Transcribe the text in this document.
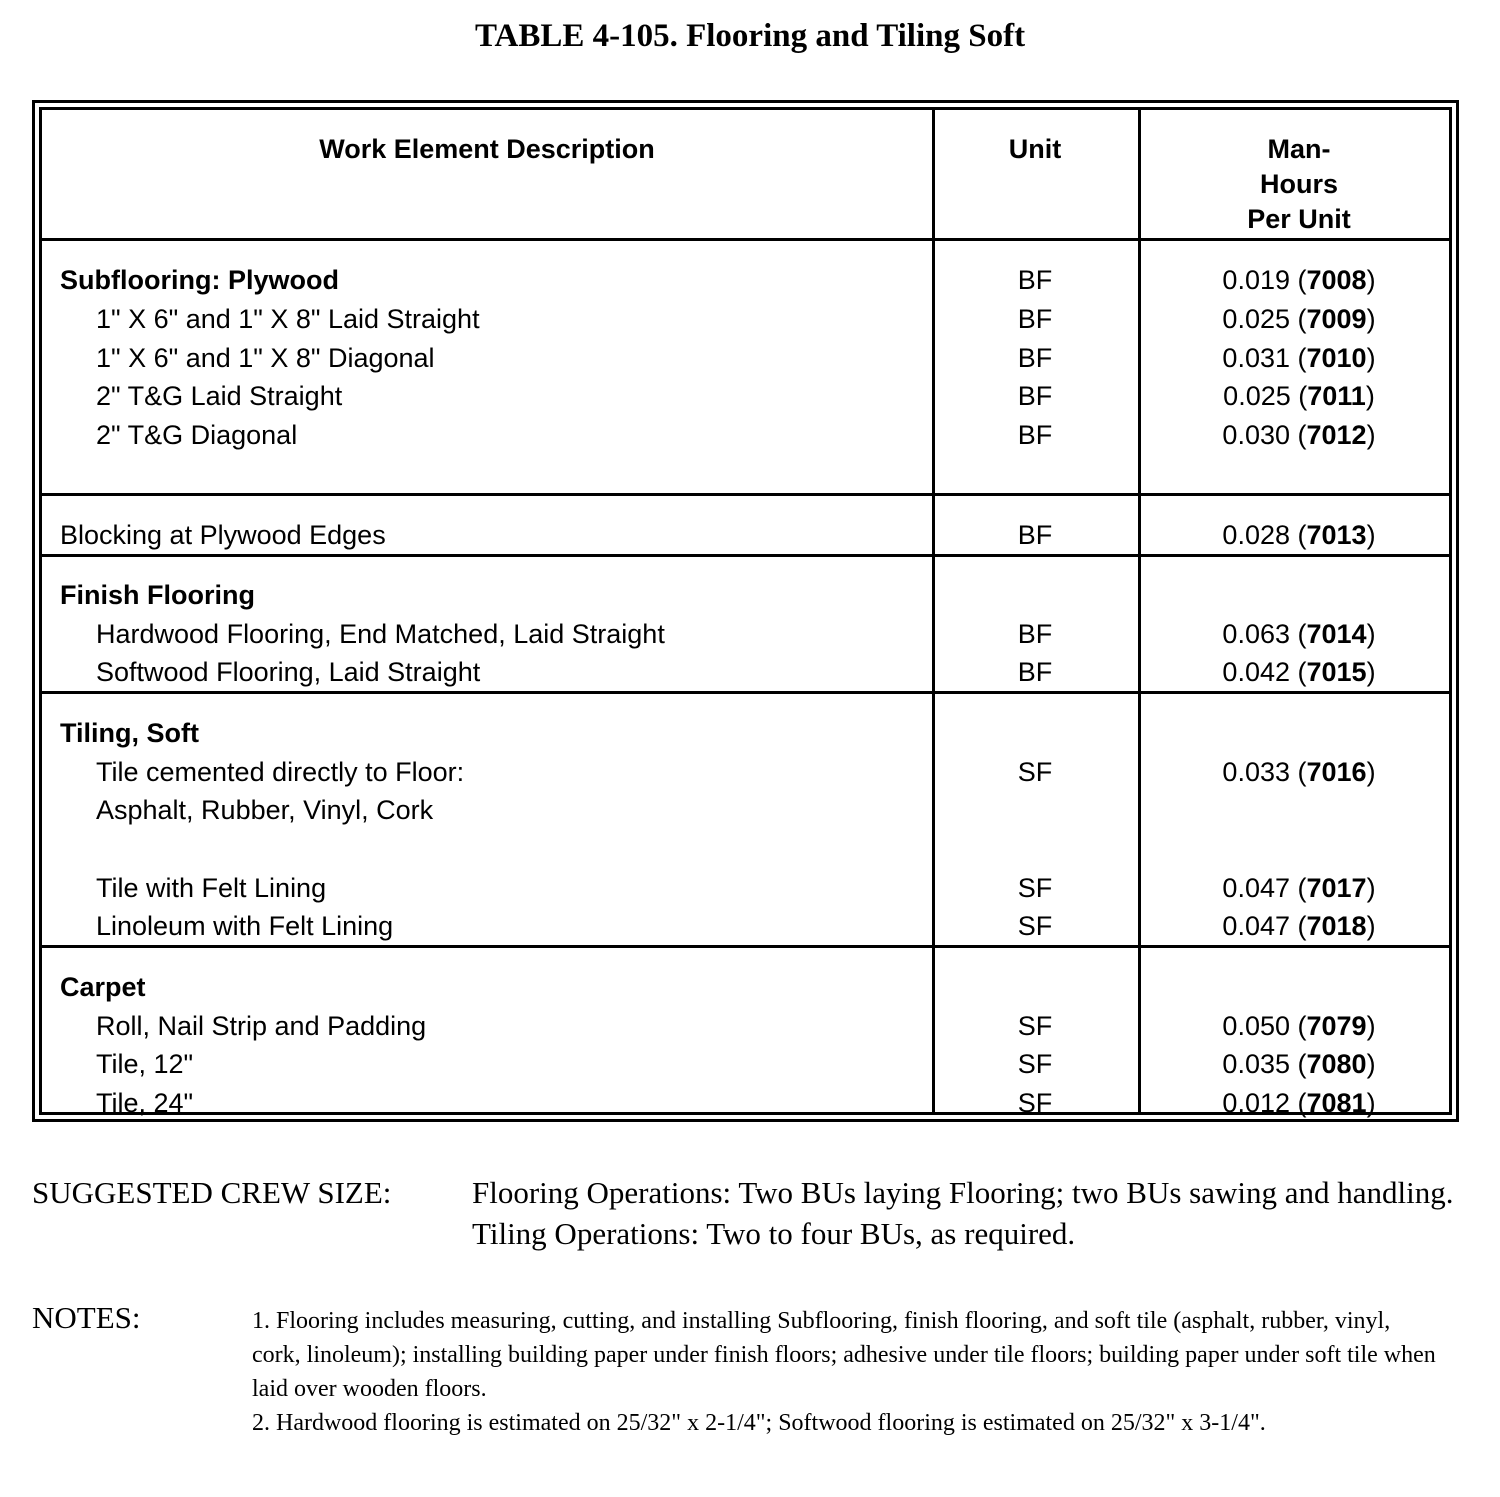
TABLE 4-105. Flooring and Tiling Soft
Work Element Description	Unit	Man-
Hours
Per Unit
Subflooring: Plywood	BF	0.019 (7008)
1" X 6" and 1" X 8" Laid Straight	BF	0.025 (7009)
1" X 6" and 1" X 8" Diagonal	BF	0.031 (7010)
2" T&G Laid Straight	BF	0.025 (7011)
2" T&G Diagonal	BF	0.030 (7012)
Blocking at Plywood Edges	BF	0.028 (7013)
Finish Flooring
Hardwood Flooring, End Matched, Laid Straight	BF	0.063 (7014)
Softwood Flooring, Laid Straight	BF	0.042 (7015)
Tiling, Soft
Tile cemented directly to Floor:	SF	0.033 (7016)
Asphalt, Rubber, Vinyl, Cork
Tile with Felt Lining	SF	0.047 (7017)
Linoleum with Felt Lining	SF	0.047 (7018)
Carpet
Roll, Nail Strip and Padding	SF	0.050 (7079)
Tile, 12"	SF	0.035 (7080)
Tile, 24"	SF	0.012 (7081)
SUGGESTED CREW SIZE:	Flooring Operations: Two BUs laying Flooring; two BUs sawing and handling. Tiling Operations: Two to four BUs, as required.
NOTES:	1. Flooring includes measuring, cutting, and installing Subflooring, finish flooring, and soft tile (asphalt, rubber, vinyl, cork, linoleum); installing building paper under finish floors; adhesive under tile floors; building paper under soft tile when laid over wooden floors.

2. Hardwood flooring is estimated on 25/32" x 2-1/4"; Softwood flooring is estimated on 25/32" x 3-1/4".
